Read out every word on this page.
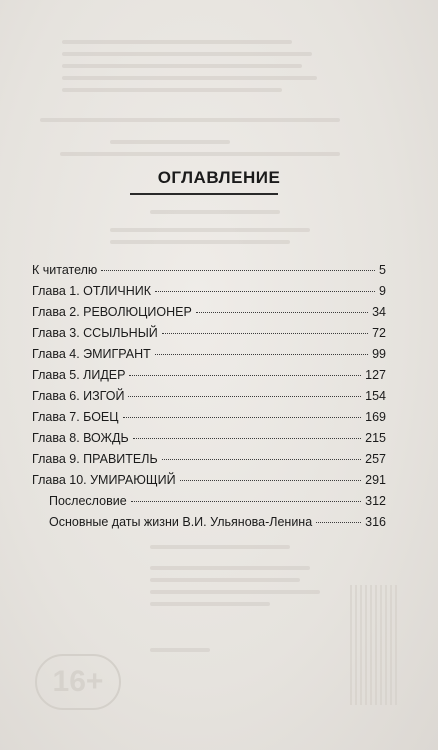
16+
ОГЛАВЛЕНИЕ
К читателю	5
Глава 1. ОТЛИЧНИК	9
Глава 2. РЕВОЛЮЦИОНЕР	34
Глава 3. ССЫЛЬНЫЙ	72
Глава 4. ЭМИГРАНТ	99
Глава 5. ЛИДЕР	127
Глава 6. ИЗГОЙ	154
Глава 7. БОЕЦ	169
Глава 8. ВОЖДЬ	215
Глава 9. ПРАВИТЕЛЬ	257
Глава 10. УМИРАЮЩИЙ	291
Послесловие	312
Основные даты жизни В.И. Ульянова-Ленина	316
